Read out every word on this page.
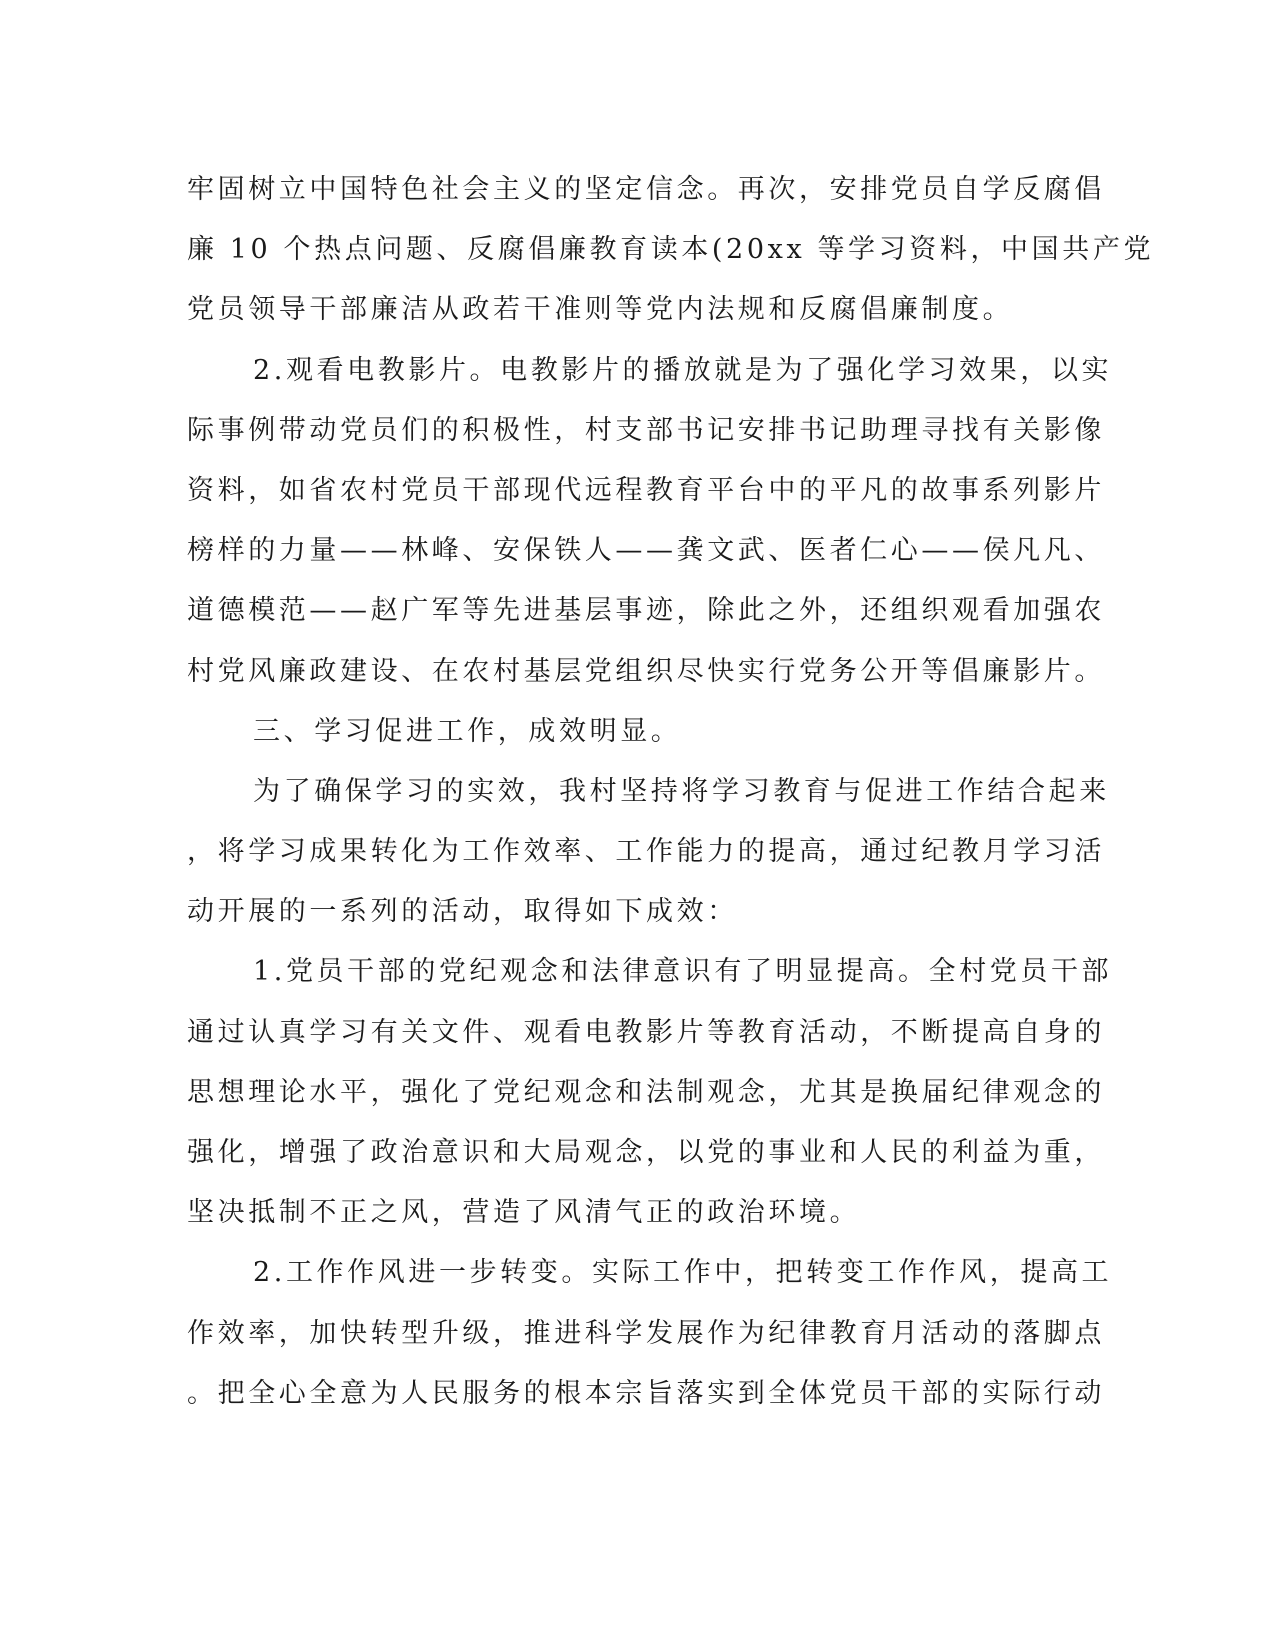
牢固树立中国特色社会主义的坚定信念。再次，安排党员自学反腐倡
廉 10 个热点问题、反腐倡廉教育读本(20xx 等学习资料，中国共产党
党员领导干部廉洁从政若干准则等党内法规和反腐倡廉制度。
2.观看电教影片。电教影片的播放就是为了强化学习效果，以实
际事例带动党员们的积极性，村支部书记安排书记助理寻找有关影像
资料，如省农村党员干部现代远程教育平台中的平凡的故事系列影片
榜样的力量——林峰、安保铁人——龚文武、医者仁心——侯凡凡、
道德模范——赵广军等先进基层事迹，除此之外，还组织观看加强农
村党风廉政建设、在农村基层党组织尽快实行党务公开等倡廉影片。
三、学习促进工作，成效明显。
为了确保学习的实效，我村坚持将学习教育与促进工作结合起来
，将学习成果转化为工作效率、工作能力的提高，通过纪教月学习活
动开展的一系列的活动，取得如下成效：
1.党员干部的党纪观念和法律意识有了明显提高。全村党员干部
通过认真学习有关文件、观看电教影片等教育活动，不断提高自身的
思想理论水平，强化了党纪观念和法制观念，尤其是换届纪律观念的
强化，增强了政治意识和大局观念，以党的事业和人民的利益为重，
坚决抵制不正之风，营造了风清气正的政治环境。
2.工作作风进一步转变。实际工作中，把转变工作作风，提高工
作效率，加快转型升级，推进科学发展作为纪律教育月活动的落脚点
。把全心全意为人民服务的根本宗旨落实到全体党员干部的实际行动
